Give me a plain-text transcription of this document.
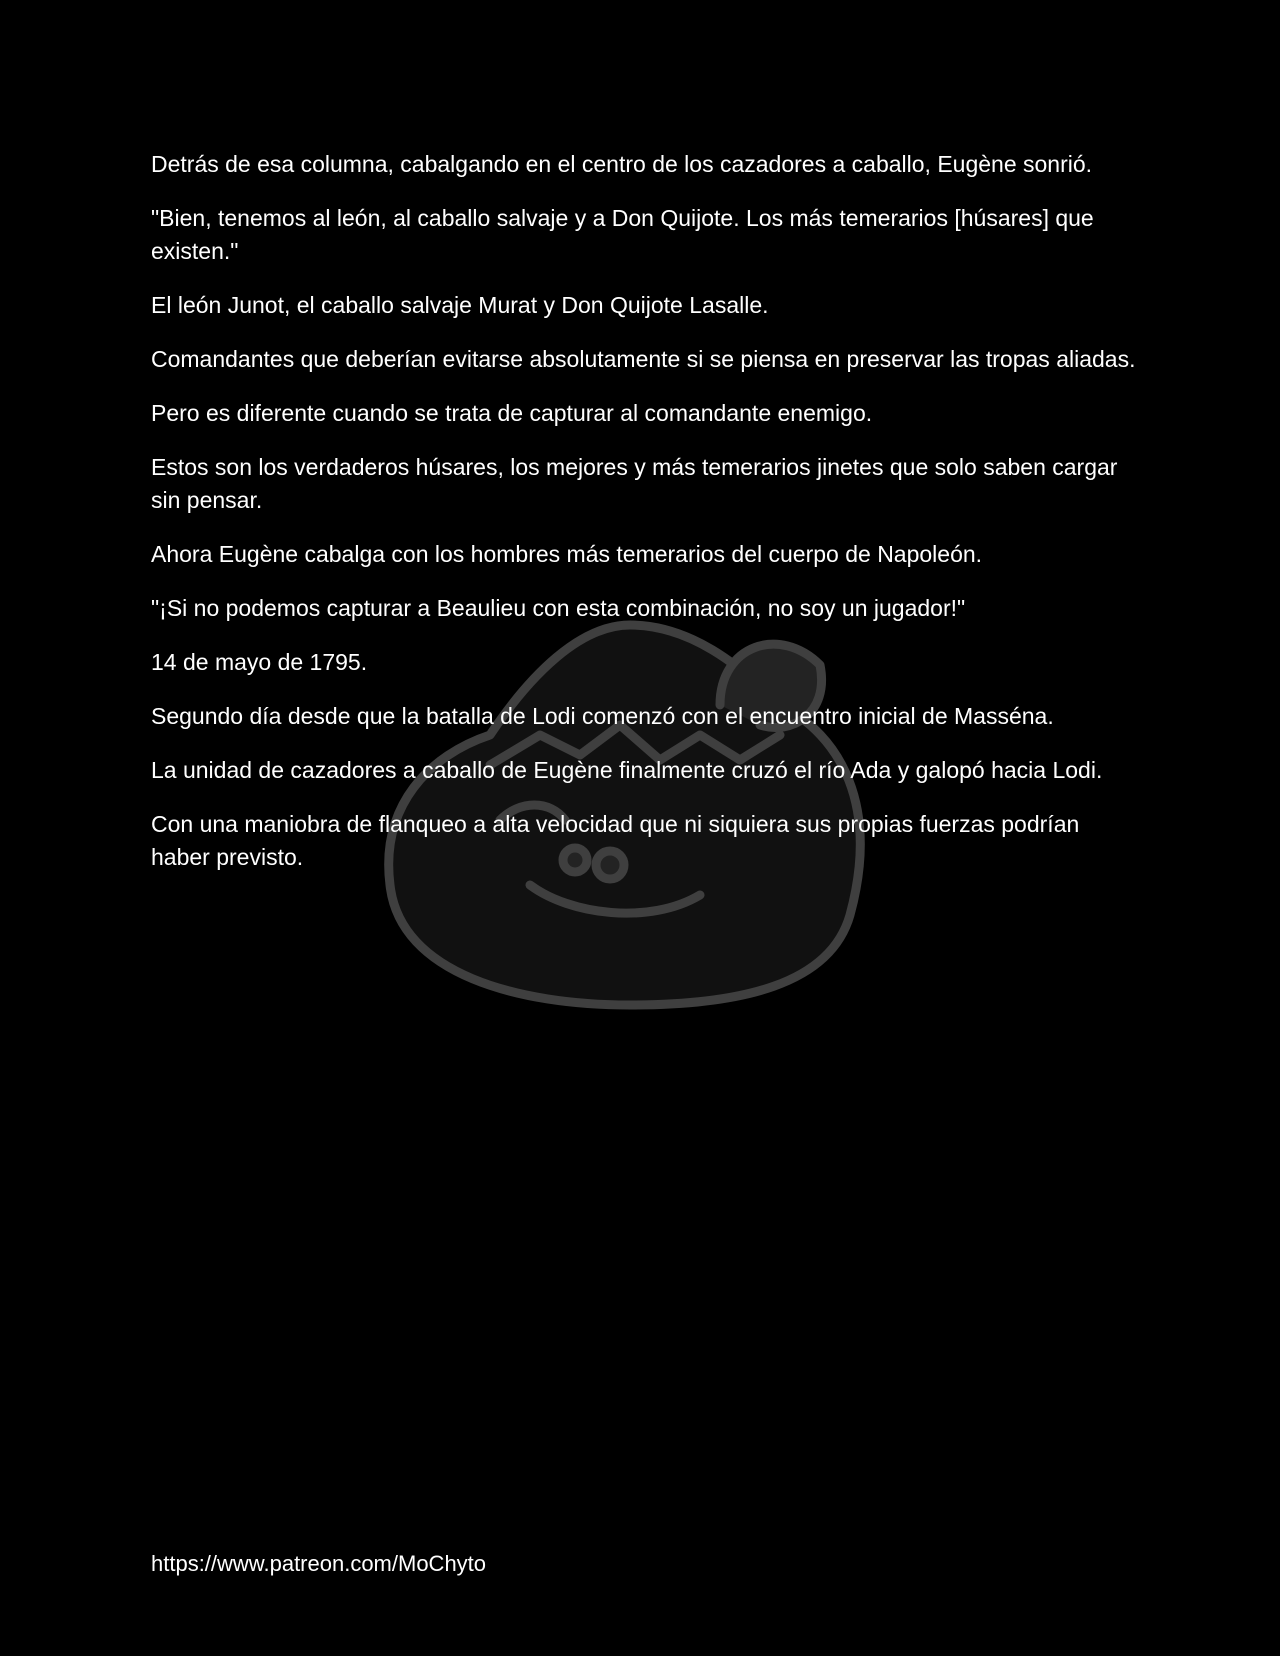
Detrás de esa columna, cabalgando en el centro de los cazadores a caballo, Eugène sonrió.

"Bien, tenemos al león, al caballo salvaje y a Don Quijote. Los más temerarios [húsares] que existen."

El león Junot, el caballo salvaje Murat y Don Quijote Lasalle.

Comandantes que deberían evitarse absolutamente si se piensa en preservar las tropas aliadas.

Pero es diferente cuando se trata de capturar al comandante enemigo.

Estos son los verdaderos húsares, los mejores y más temerarios jinetes que solo saben cargar sin pensar.

Ahora Eugène cabalga con los hombres más temerarios del cuerpo de Napoleón.

"¡Si no podemos capturar a Beaulieu con esta combinación, no soy un jugador!"

14 de mayo de 1795.

Segundo día desde que la batalla de Lodi comenzó con el encuentro inicial de Masséna.

La unidad de cazadores a caballo de Eugène finalmente cruzó el río Ada y galopó hacia Lodi.

Con una maniobra de flanqueo a alta velocidad que ni siquiera sus propias fuerzas podrían haber previsto.

https://www.patreon.com/MoChyto
